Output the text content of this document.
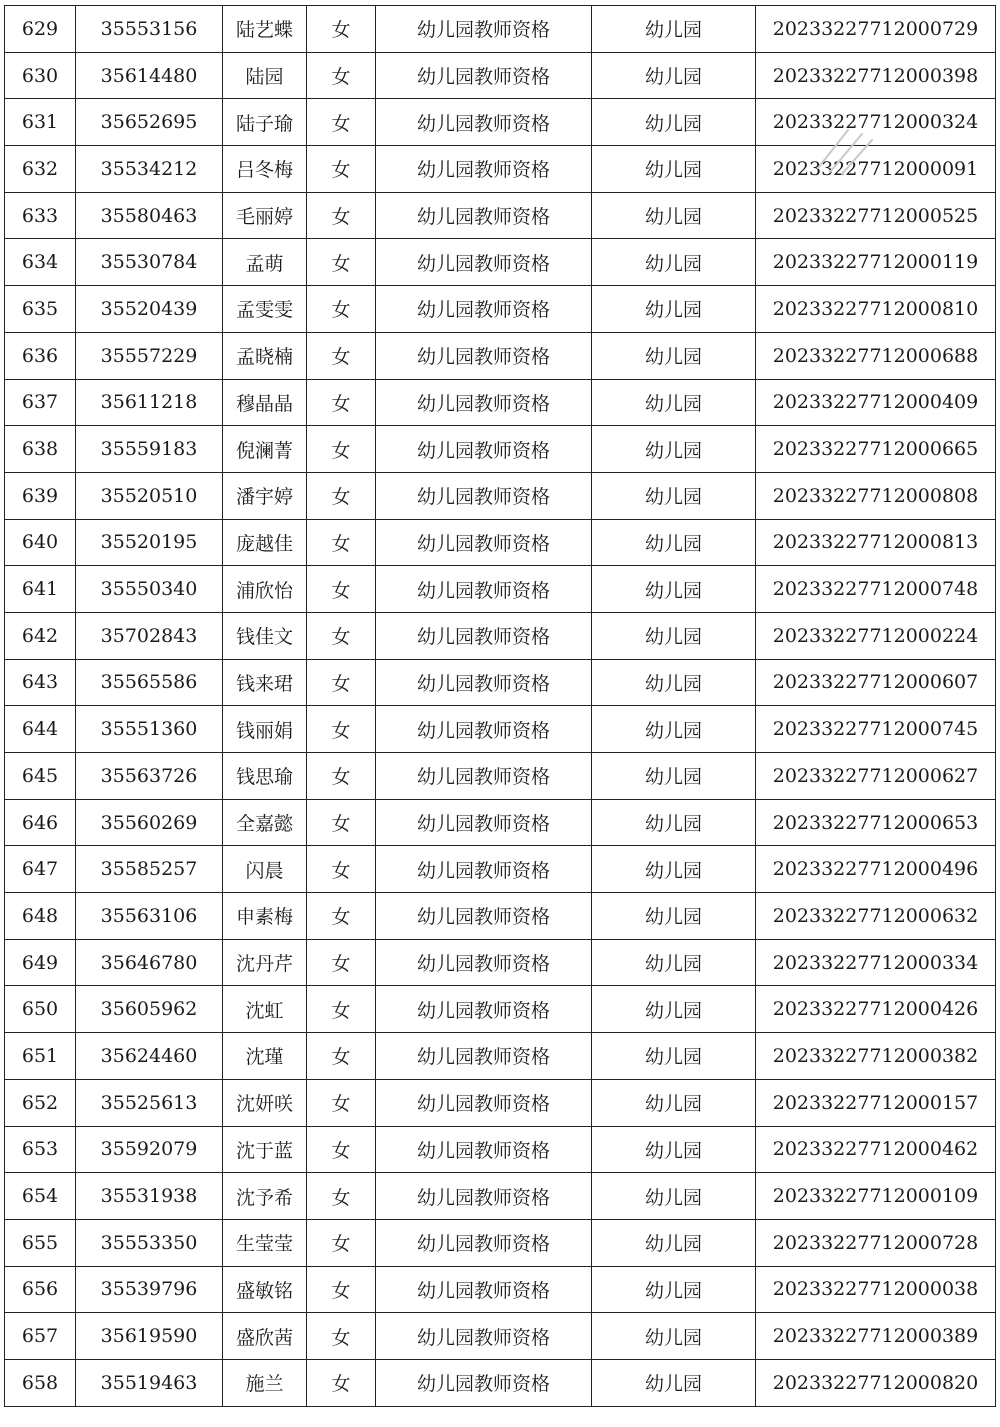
629	35553156	陆艺蝶	女	幼儿园教师资格	幼儿园	20233227712000729
630	35614480	陆园	女	幼儿园教师资格	幼儿园	20233227712000398
631	35652695	陆子瑜	女	幼儿园教师资格	幼儿园	20233227712000324
632	35534212	吕冬梅	女	幼儿园教师资格	幼儿园	20233227712000091
633	35580463	毛丽婷	女	幼儿园教师资格	幼儿园	20233227712000525
634	35530784	孟萌	女	幼儿园教师资格	幼儿园	20233227712000119
635	35520439	孟雯雯	女	幼儿园教师资格	幼儿园	20233227712000810
636	35557229	孟晓楠	女	幼儿园教师资格	幼儿园	20233227712000688
637	35611218	穆晶晶	女	幼儿园教师资格	幼儿园	20233227712000409
638	35559183	倪澜菁	女	幼儿园教师资格	幼儿园	20233227712000665
639	35520510	潘宇婷	女	幼儿园教师资格	幼儿园	20233227712000808
640	35520195	庞越佳	女	幼儿园教师资格	幼儿园	20233227712000813
641	35550340	浦欣怡	女	幼儿园教师资格	幼儿园	20233227712000748
642	35702843	钱佳文	女	幼儿园教师资格	幼儿园	20233227712000224
643	35565586	钱来珺	女	幼儿园教师资格	幼儿园	20233227712000607
644	35551360	钱丽娟	女	幼儿园教师资格	幼儿园	20233227712000745
645	35563726	钱思瑜	女	幼儿园教师资格	幼儿园	20233227712000627
646	35560269	全嘉懿	女	幼儿园教师资格	幼儿园	20233227712000653
647	35585257	闪晨	女	幼儿园教师资格	幼儿园	20233227712000496
648	35563106	申素梅	女	幼儿园教师资格	幼儿园	20233227712000632
649	35646780	沈丹芹	女	幼儿园教师资格	幼儿园	20233227712000334
650	35605962	沈虹	女	幼儿园教师资格	幼儿园	20233227712000426
651	35624460	沈瑾	女	幼儿园教师资格	幼儿园	20233227712000382
652	35525613	沈妍咲	女	幼儿园教师资格	幼儿园	20233227712000157
653	35592079	沈于蓝	女	幼儿园教师资格	幼儿园	20233227712000462
654	35531938	沈予希	女	幼儿园教师资格	幼儿园	20233227712000109
655	35553350	生莹莹	女	幼儿园教师资格	幼儿园	20233227712000728
656	35539796	盛敏铭	女	幼儿园教师资格	幼儿园	20233227712000038
657	35619590	盛欣茜	女	幼儿园教师资格	幼儿园	20233227712000389
658	35519463	施兰	女	幼儿园教师资格	幼儿园	20233227712000820
